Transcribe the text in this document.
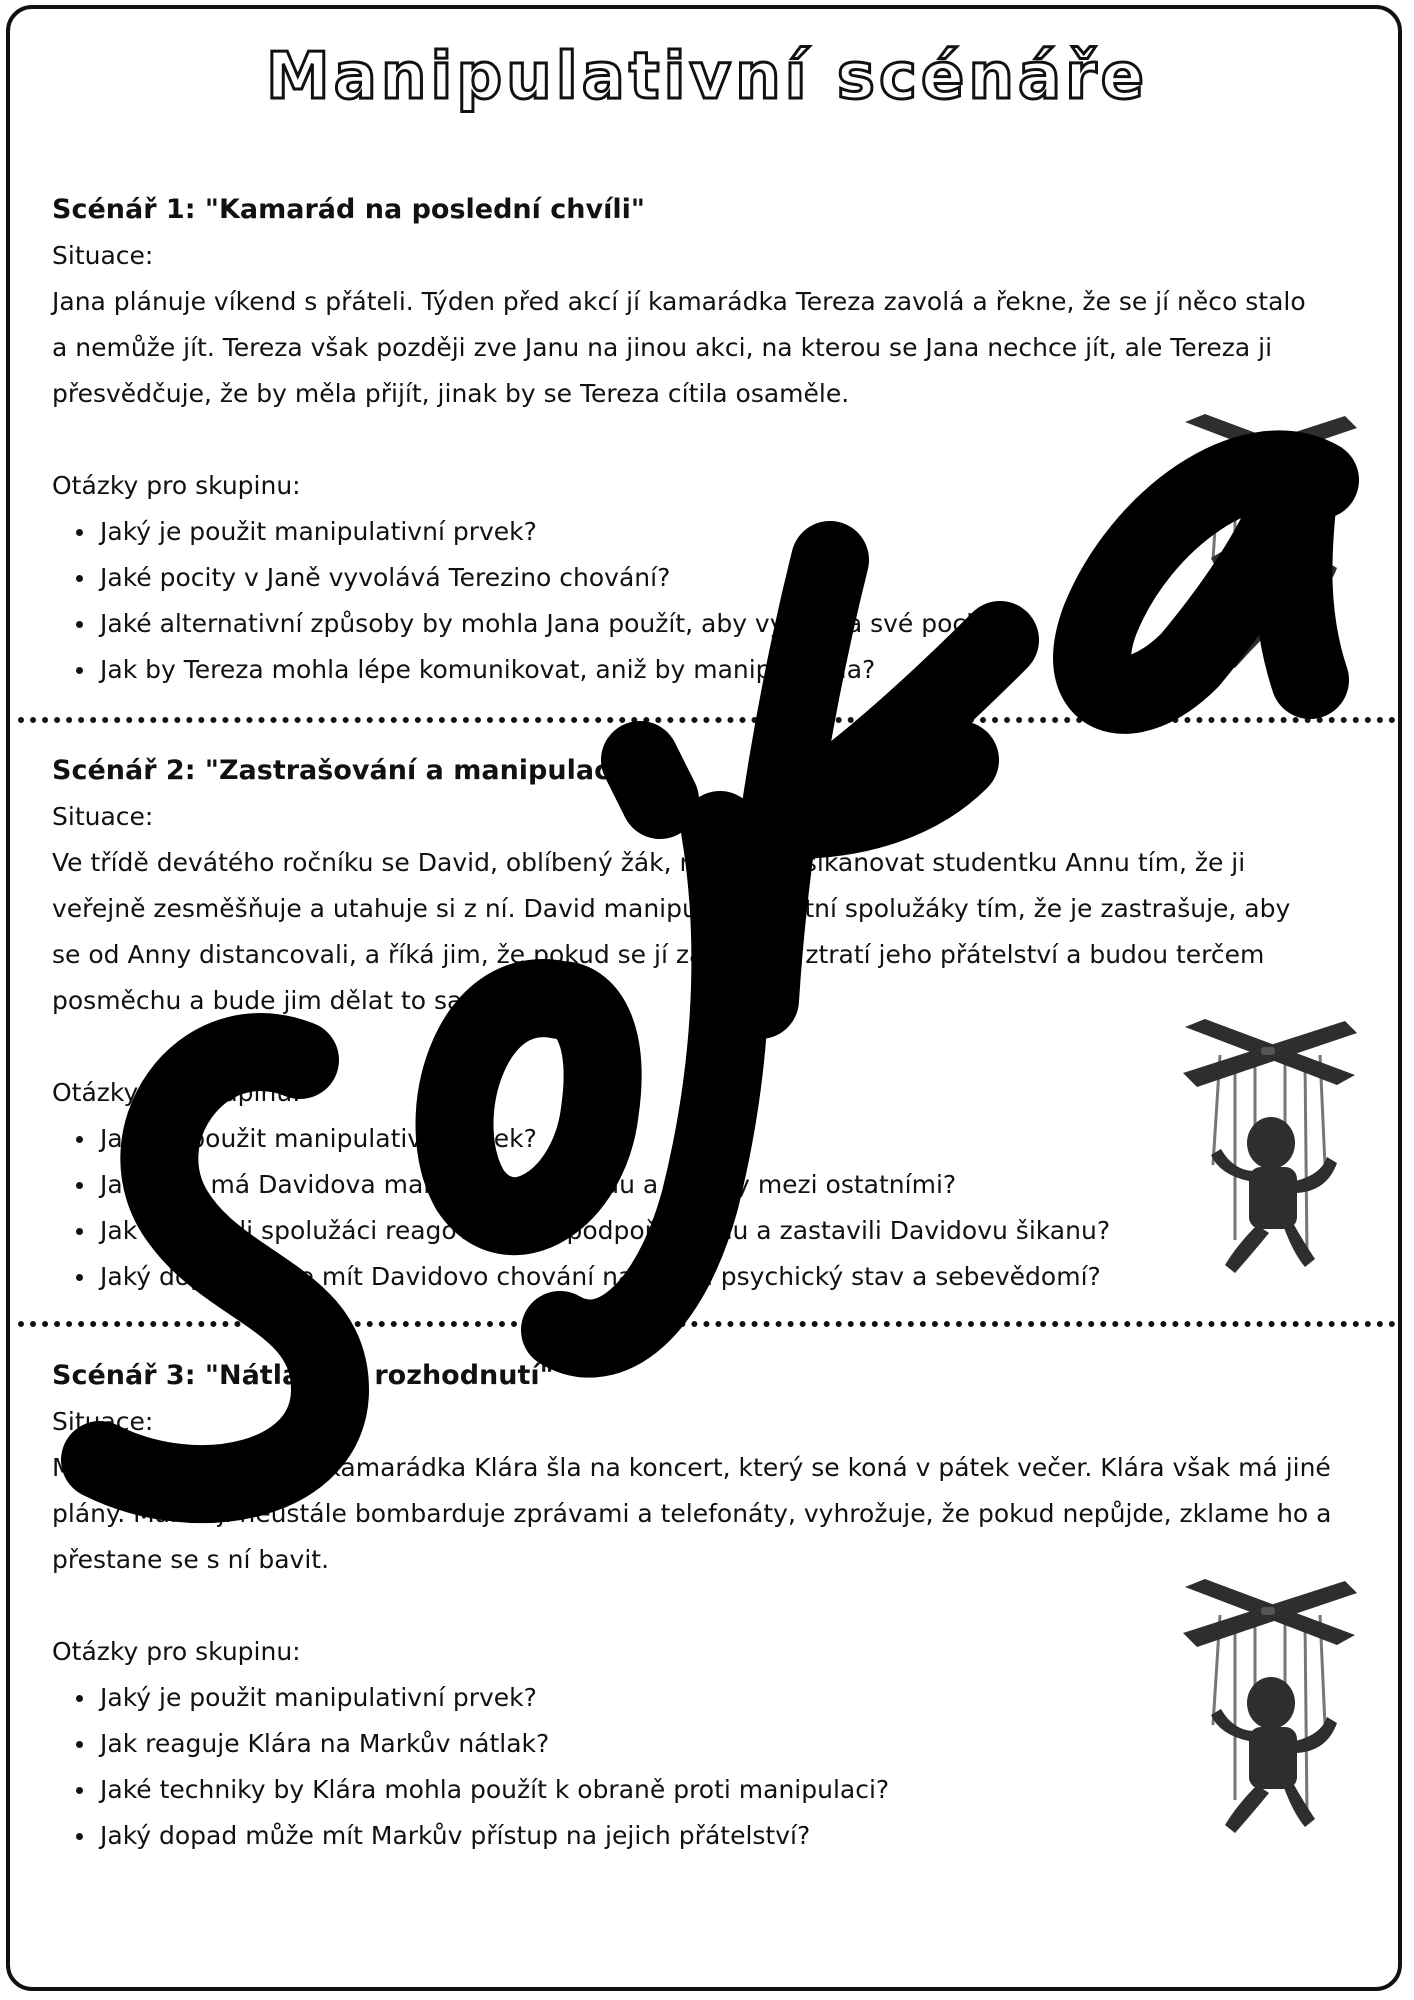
Manipulativní scénáře

Scénář 1: "Kamarád na poslední chvíli"

Situace:

Jana plánuje víkend s přáteli. Týden před akcí jí kamarádka Tereza zavolá a řekne, že se jí něco stalo

a nemůže jít. Tereza však později zve Janu na jinou akci, na kterou se Jana nechce jít, ale Tereza ji

přesvědčuje, že by měla přijít, jinak by se Tereza cítila osaměle.

Otázky pro skupinu:

Jaký je použit manipulativní prvek?
Jaké pocity v Janě vyvolává Terezino chování?
Jaké alternativní způsoby by mohla Jana použít, aby vyjádřila své pocity?
Jak by Tereza mohla lépe komunikovat, aniž by manipulovala?

Scénář 2: "Zastrašování a manipulace"

Situace:

Ve třídě devátého ročníku se David, oblíbený žák, rozhodne šikanovat studentku Annu tím, že ji

veřejně zesměšňuje a utahuje si z ní. David manipuluje ostatní spolužáky tím, že je zastrašuje, aby

se od Anny distancovali, a říká jim, že pokud se jí zastanou, ztratí jeho přátelství a budou terčem

posměchu a bude jim dělat to samé.

Otázky pro skupinu:

Jaký je použit manipulativní prvek?
Jaký vliv má Davidova manipulace na třídu a vztahy mezi ostatními?
Jak by mohli spolužáci reagovat, aby podpořili Annu a zastavili Davidovu šikanu?
Jaký dopad může mít Davidovo chování na Annin psychický stav a sebevědomí?

Scénář 3: "Nátlak na rozhodnutí"

Situace:

Marek chce, aby jeho kamarádka Klára šla na koncert, který se koná v pátek večer. Klára však má jiné

plány. Marek ji neustále bombarduje zprávami a telefonáty, vyhrožuje, že pokud nepůjde, zklame ho a

přestane se s ní bavit.

Otázky pro skupinu:

Jaký je použit manipulativní prvek?
Jak reaguje Klára na Markův nátlak?
Jaké techniky by Klára mohla použít k obraně proti manipulaci?
Jaký dopad může mít Markův přístup na jejich přátelství?
